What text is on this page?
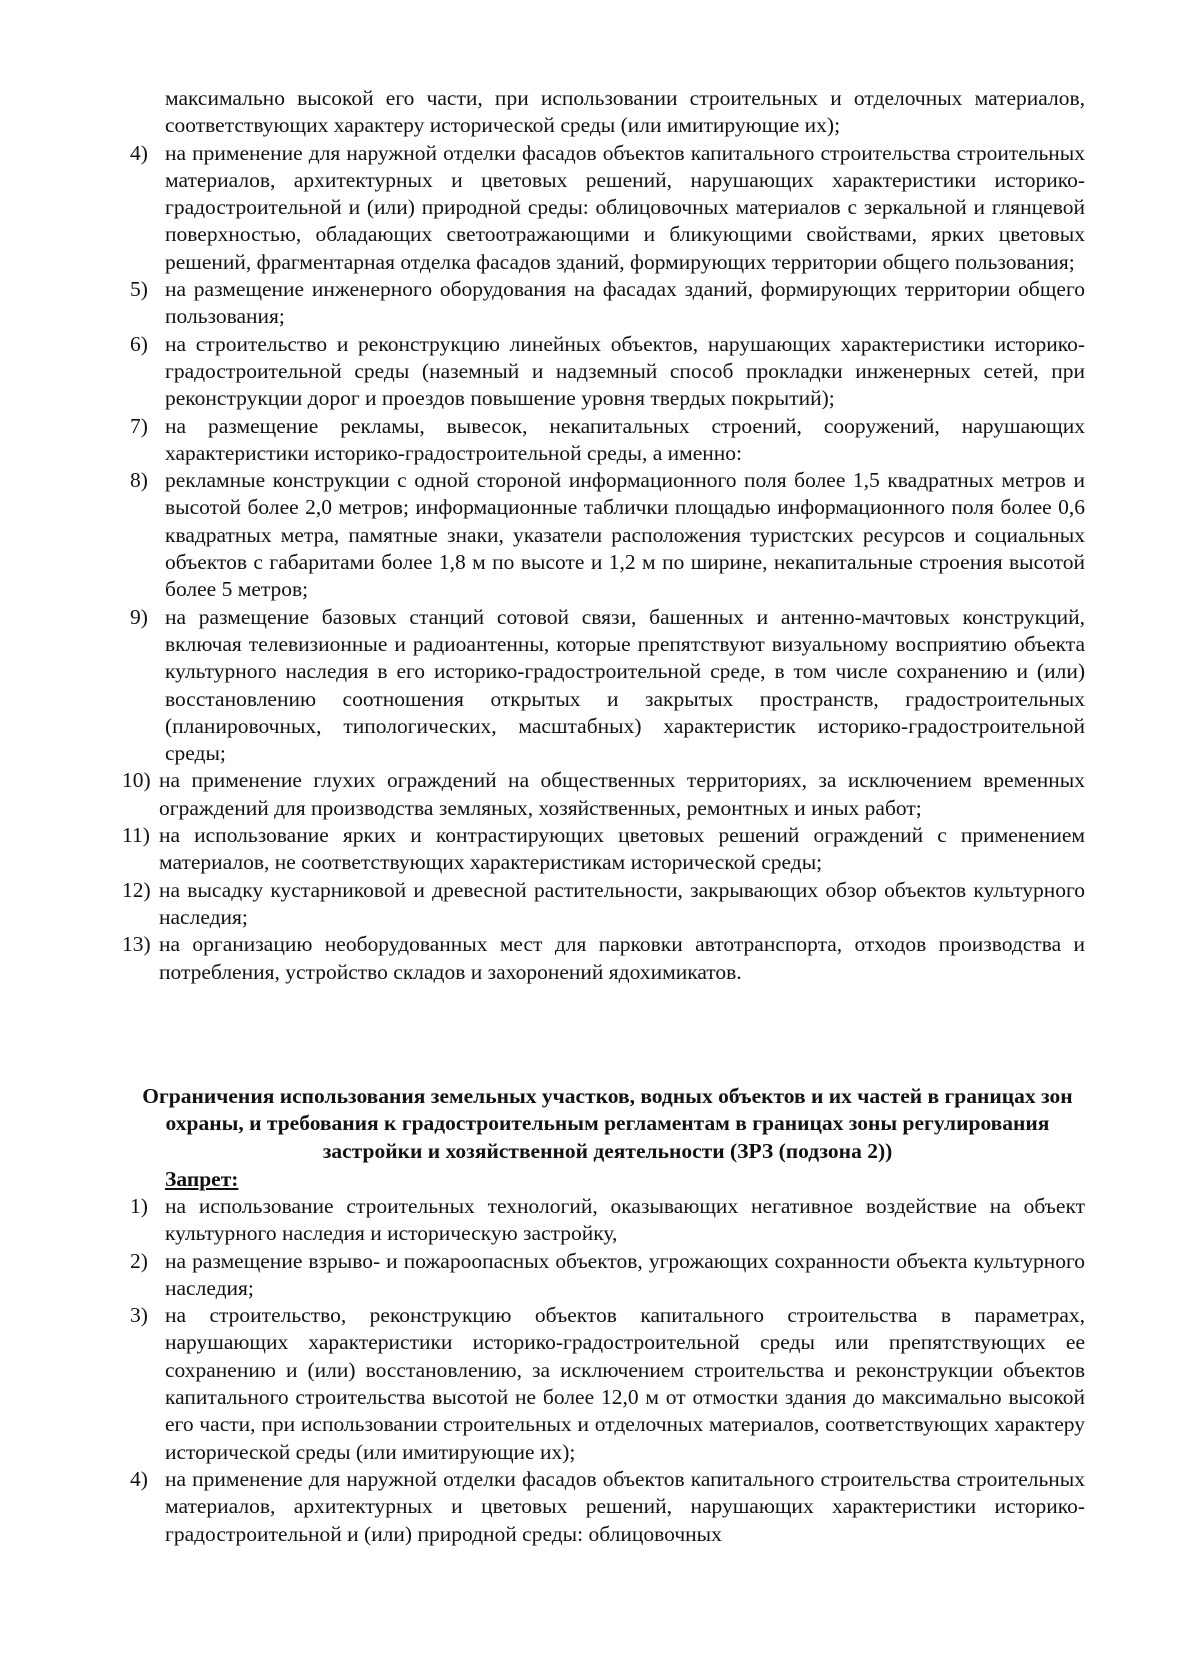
максимально высокой его части, при использовании строительных и отделочных материалов, соответствующих характеру исторической среды (или имитирующие их);
4) на применение для наружной отделки фасадов объектов капитального строительства строительных материалов, архитектурных и цветовых решений, нарушающих характеристики историко-градостроительной и (или) природной среды: облицовочных материалов с зеркальной и глянцевой поверхностью, обладающих светоотражающими и бликующими свойствами, ярких цветовых решений, фрагментарная отделка фасадов зданий, формирующих территории общего пользования;
5) на размещение инженерного оборудования на фасадах зданий, формирующих территории общего пользования;
6) на строительство и реконструкцию линейных объектов, нарушающих характеристики историко-градостроительной среды (наземный и надземный способ прокладки инженерных сетей, при реконструкции дорог и проездов повышение уровня твердых покрытий);
7) на размещение рекламы, вывесок, некапитальных строений, сооружений, нарушающих характеристики историко-градостроительной среды, а именно:
8) рекламные конструкции с одной стороной информационного поля более 1,5 квадратных метров и высотой более 2,0 метров; информационные таблички площадью информационного поля более 0,6 квадратных метра, памятные знаки, указатели расположения туристских ресурсов и социальных объектов с габаритами более 1,8 м по высоте и 1,2 м по ширине, некапитальные строения высотой более 5 метров;
9) на размещение базовых станций сотовой связи, башенных и антенно-мачтовых конструкций, включая телевизионные и радиоантенны, которые препятствуют визуальному восприятию объекта культурного наследия в его историко-градостроительной среде, в том числе сохранению и (или) восстановлению соотношения открытых и закрытых пространств, градостроительных (планировочных, типологических, масштабных) характеристик историко-градостроительной среды;
10) на применение глухих ограждений на общественных территориях, за исключением временных ограждений для производства земляных, хозяйственных, ремонтных и иных работ;
11) на использование ярких и контрастирующих цветовых решений ограждений с применением материалов, не соответствующих характеристикам исторической среды;
12) на высадку кустарниковой и древесной растительности, закрывающих обзор объектов культурного наследия;
13) на организацию необорудованных мест для парковки автотранспорта, отходов производства и потребления, устройство складов и захоронений ядохимикатов.
Ограничения использования земельных участков, водных объектов и их частей в границах зон охраны, и требования к градостроительным регламентам в границах зоны регулирования застройки и хозяйственной деятельности (ЗРЗ (подзона 2))
Запрет:
1) на использование строительных технологий, оказывающих негативное воздействие на объект культурного наследия и историческую застройку,
2) на размещение взрыво- и пожароопасных объектов, угрожающих сохранности объекта культурного наследия;
3) на строительство, реконструкцию объектов капитального строительства в параметрах, нарушающих характеристики историко-градостроительной среды или препятствующих ее сохранению и (или) восстановлению, за исключением строительства и реконструкции объектов капитального строительства высотой не более 12,0 м от отмостки здания до максимально высокой его части, при использовании строительных и отделочных материалов, соответствующих характеру исторической среды (или имитирующие их);
4) на применение для наружной отделки фасадов объектов капитального строительства строительных материалов, архитектурных и цветовых решений, нарушающих характеристики историко-градостроительной и (или) природной среды: облицовочных
